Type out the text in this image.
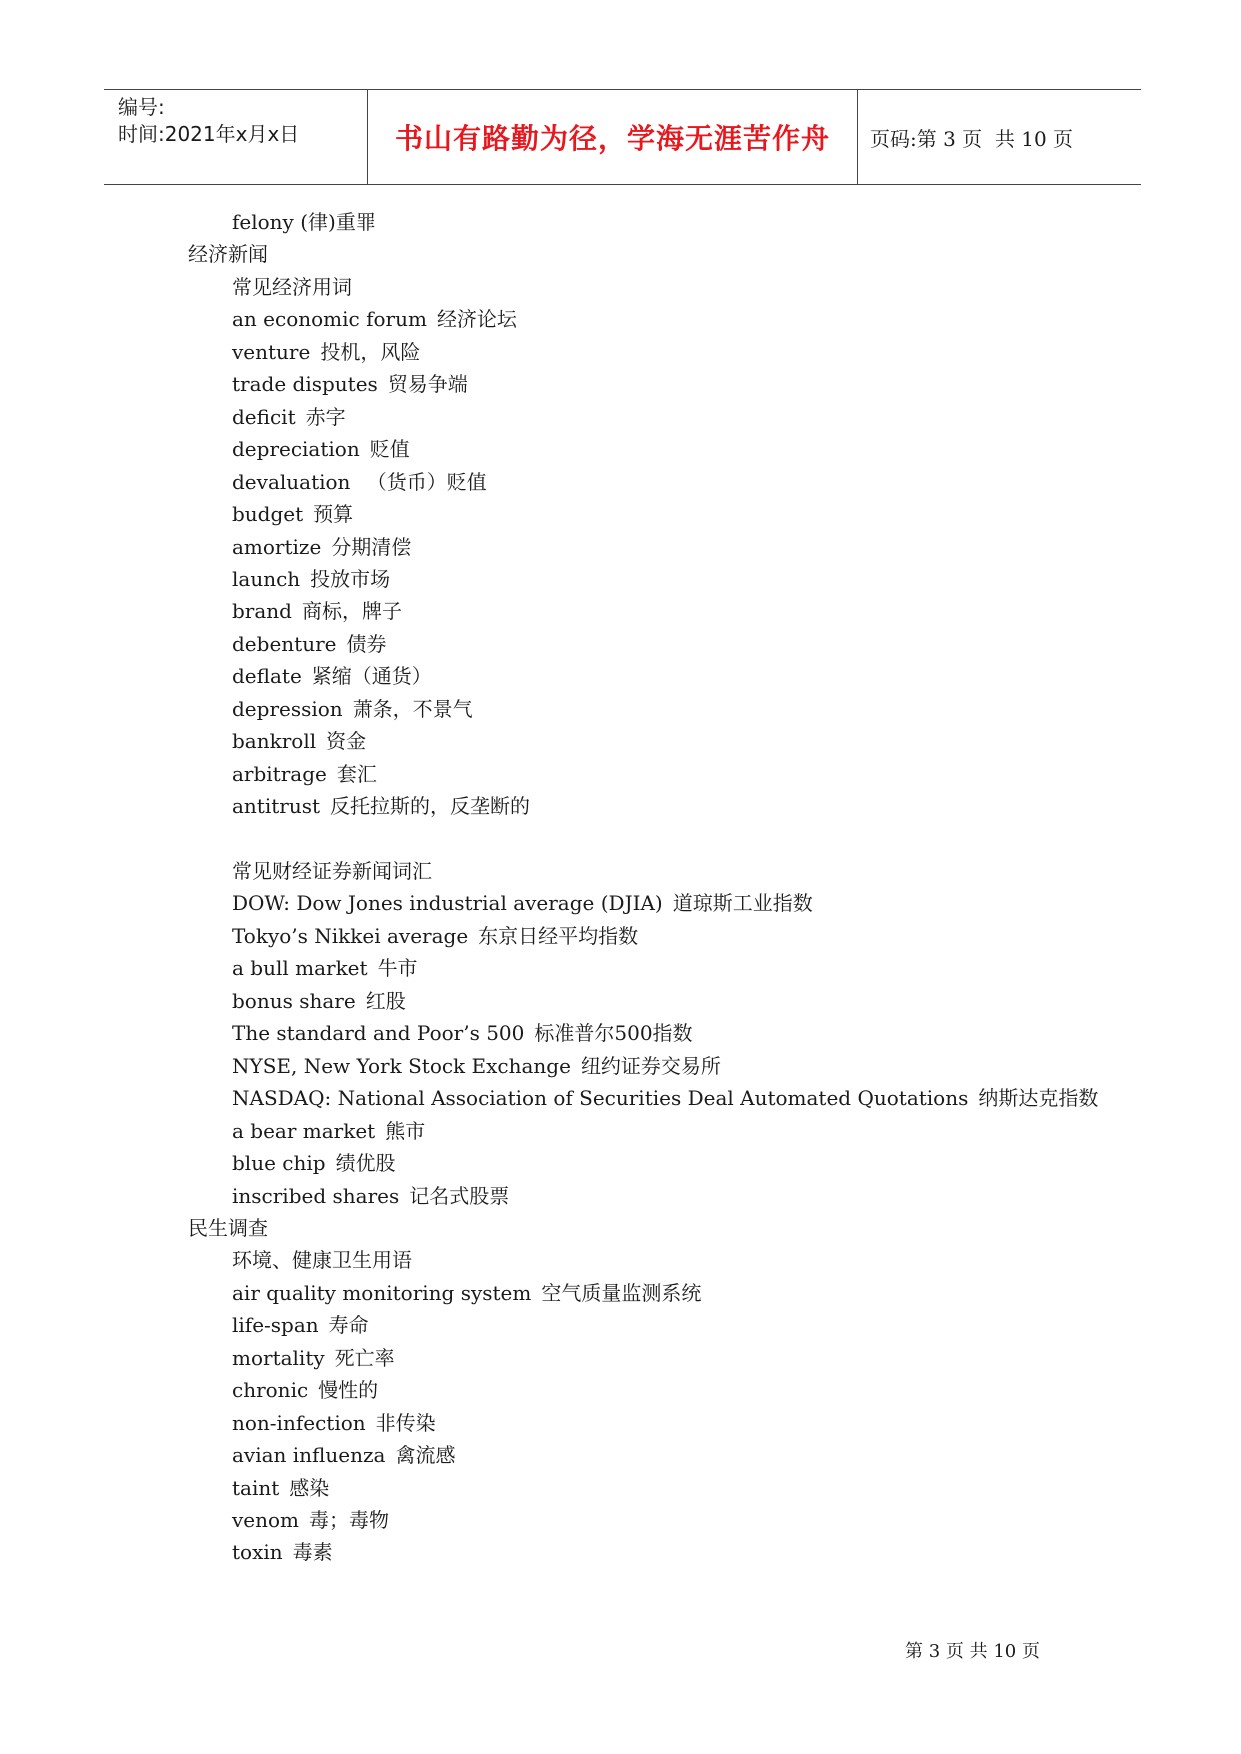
编号:
时间:2021年x月x日	书山有路勤为径，学海无涯苦作舟 页码:第 3 页  共 10 页
felony (律)重罪
经济新闻
常见经济用词
an economic forum 经济论坛
venture 投机，风险
trade disputes 贸易争端
deficit 赤字
depreciation 贬值
devaluation （货币）贬值
budget 预算
amortize 分期清偿
launch 投放市场
brand 商标，牌子
debenture 债券
deflate 紧缩（通货）
depression 萧条，不景气
bankroll 资金
arbitrage 套汇
antitrust 反托拉斯的，反垄断的
常见财经证券新闻词汇
DOW: Dow Jones industrial average (DJIA) 道琼斯工业指数
Tokyo’s Nikkei average 东京日经平均指数
a bull market 牛市
bonus share 红股
The standard and Poor’s 500 标准普尔500指数
NYSE, New York Stock Exchange 纽约证券交易所
NASDAQ: National Association of Securities Deal Automated Quotations 纳斯达克指数
a bear market 熊市
blue chip 绩优股
inscribed shares 记名式股票
民生调查
环境、健康卫生用语
air quality monitoring system 空气质量监测系统
life-span 寿命
mortality 死亡率
chronic 慢性的
non-infection 非传染
avian influenza 禽流感
taint 感染
venom 毒；毒物
toxin 毒素
第 3 页 共 10 页
